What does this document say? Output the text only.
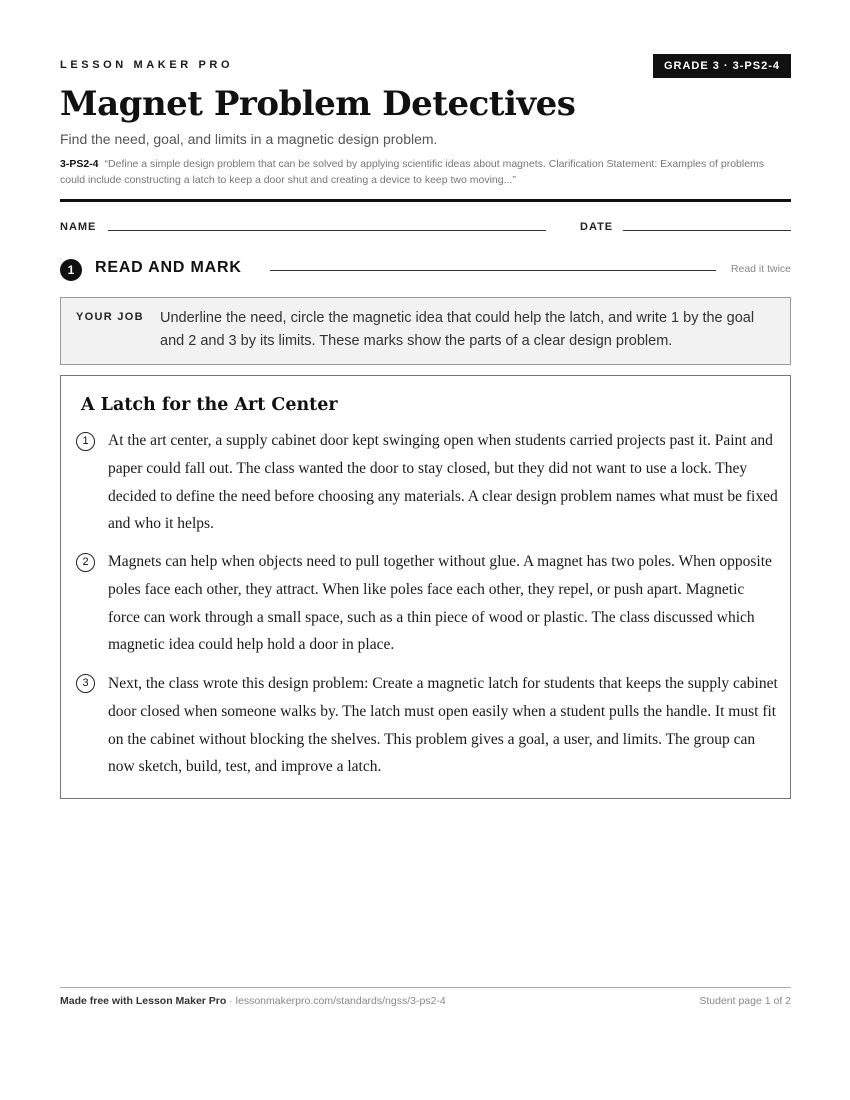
LESSON MAKER PRO	GRADE 3 · 3-PS2-4
Magnet Problem Detectives
Find the need, goal, and limits in a magnetic design problem.
3-PS2-4 “Define a simple design problem that can be solved by applying scientific ideas about magnets. Clarification Statement: Examples of problems could include constructing a latch to keep a door shut and creating a device to keep two moving...”
NAME	DATE
1	READ AND MARK	Read it twice
YOUR JOB Underline the need, circle the magnetic idea that could help the latch, and write 1 by the goal and 2 and 3 by its limits. These marks show the parts of a clear design problem.
A Latch for the Art Center
1	At the art center, a supply cabinet door kept swinging open when students carried projects past it. Paint and paper could fall out. The class wanted the door to stay closed, but they did not want to use a lock. They decided to define the need before choosing any materials. A clear design problem names what must be fixed and who it helps.
2	Magnets can help when objects need to pull together without glue. A magnet has two poles. When opposite poles face each other, they attract. When like poles face each other, they repel, or push apart. Magnetic force can work through a small space, such as a thin piece of wood or plastic. The class discussed which magnetic idea could help hold a door in place.
3	Next, the class wrote this design problem: Create a magnetic latch for students that keeps the supply cabinet door closed when someone walks by. The latch must open easily when a student pulls the handle. It must fit on the cabinet without blocking the shelves. This problem gives a goal, a user, and limits. The group can now sketch, build, test, and improve a latch.
Made free with Lesson Maker Pro · lessonmakerpro.com/standards/ngss/3-ps2-4	Student page 1 of 2
